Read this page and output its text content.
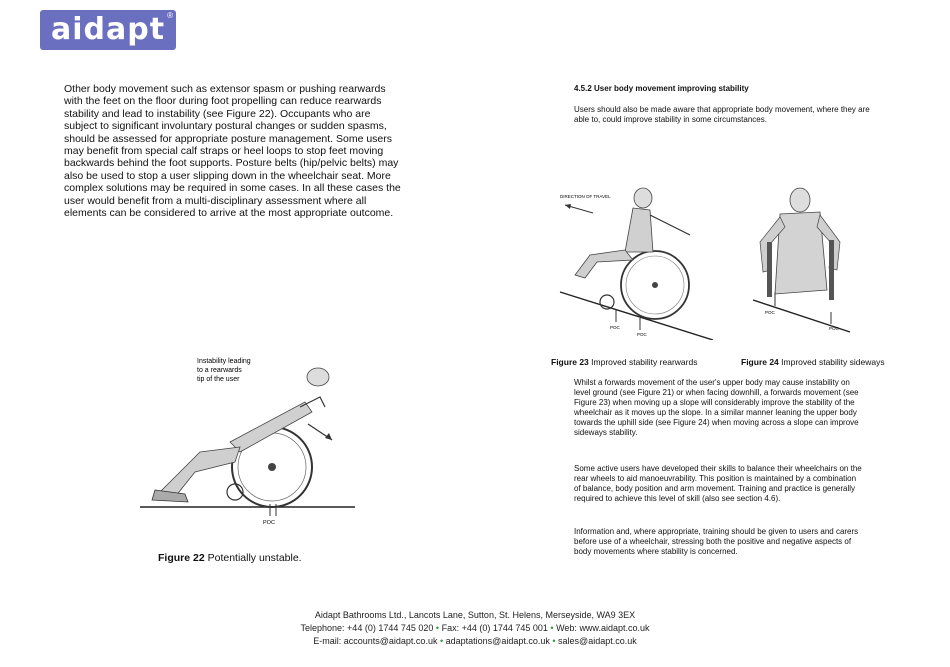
aidapt ®

Other body movement such as extensor spasm or pushing rearwards with the feet on the floor during foot propelling can reduce rearwards stability and lead to instability (see Figure 22). Occupants who are subject to significant involuntary postural changes or sudden spasms, should be assessed for appropriate posture management. Some users may benefit from special calf straps or heel loops to stop feet moving backwards behind the foot supports. Posture belts (hip/pelvic belts) may also be used to stop a user slipping down in the wheelchair seat. More complex solutions may be required in some cases. In all these cases the user would benefit from a multi-disciplinary assessment where all elements can be considered to arrive at the most appropriate outcome.

4.5.2 User body movement improving stability

Users should also be made aware that appropriate body movement, where they are able to, could improve stability in some circumstances.

Instability leading
to a rearwards
tip of the user
POC

Figure 22 Potentially unstable.

DIRECTION OF TRAVEL
POC
POC
POC
POC

Figure 23 Improved stability rearwards	Figure 24 Improved stability sideways

Whilst a forwards movement of the user's upper body may cause instability on level ground (see Figure 21) or when facing downhill, a forwards movement (see Figure 23) when moving up a slope will considerably improve the stability of the wheelchair as it moves up the slope. In a similar manner leaning the upper body towards the uphill side (see Figure 24) when moving across a slope can improve sideways stability.

Some active users have developed their skills to balance their wheelchairs on the rear wheels to aid manoeuvrability. This position is maintained by a combination of balance, body position and arm movement. Training and practice is generally required to achieve this level of skill (also see section 4.6).

Information and, where appropriate, training should be given to users and carers before use of a wheelchair, stressing both the positive and negative aspects of body movements where stability is concerned.

Aidapt Bathrooms Ltd., Lancots Lane, Sutton, St. Helens, Merseyside, WA9 3EX

Telephone: +44 (0) 1744 745 020 • Fax: +44 (0) 1744 745 001 • Web: www.aidapt.co.uk

E-mail: accounts@aidapt.co.uk • adaptations@aidapt.co.uk • sales@aidapt.co.uk
